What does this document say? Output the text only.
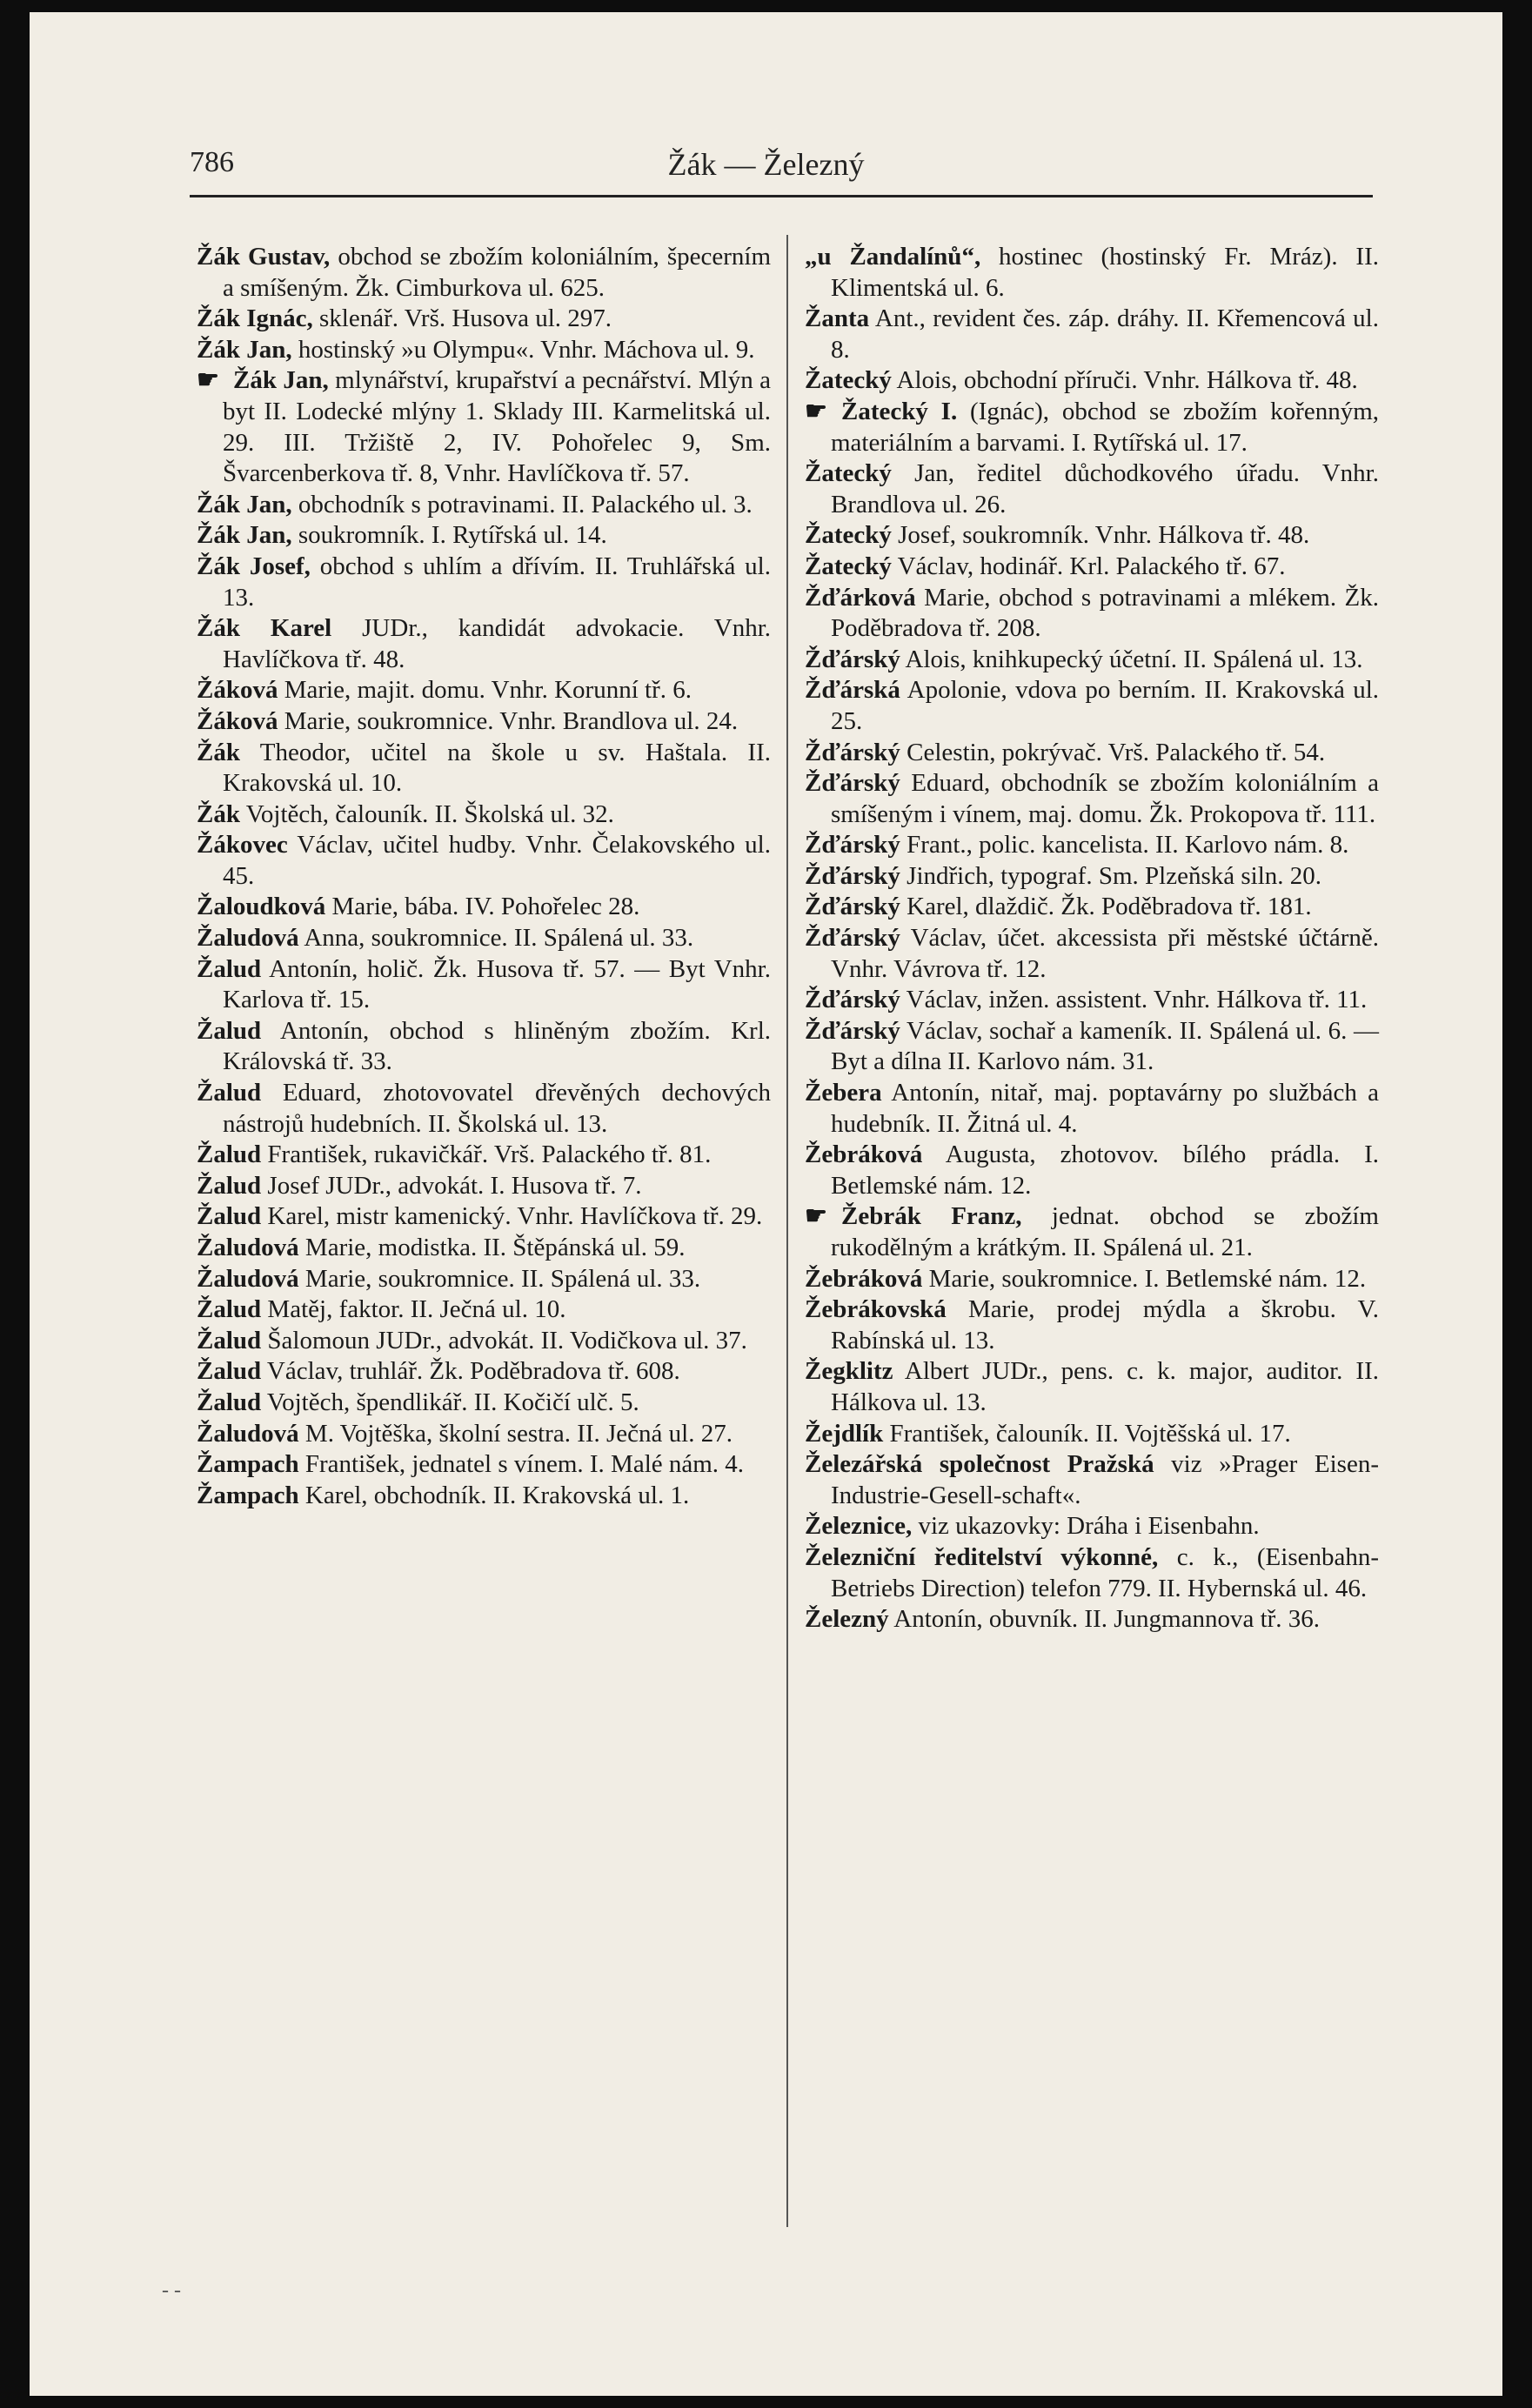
786	Žák — Železný

Žák Gustav, obchod se zbožím koloniálním, špecerním a smíšeným. Žk. Cimburkova ul. 625.

Žák Ignác, sklenář. Vrš. Husova ul. 297.

Žák Jan, hostinský »u Olympu«. Vnhr. Máchova ul. 9.

☛ Žák Jan, mlynářství, krupařství a pecnářství. Mlýn a byt II. Lodecké mlýny 1. Sklady III. Karmelitská ul. 29. III. Tržiště 2, IV. Pohořelec 9, Sm. Švarcenberkova tř. 8, Vnhr. Havlíčkova tř. 57.

Žák Jan, obchodník s potravinami. II. Palackého ul. 3.

Žák Jan, soukromník. I. Rytířská ul. 14.

Žák Josef, obchod s uhlím a dřívím. II. Truhlářská ul. 13.

Žák Karel JUDr., kandidát advokacie. Vnhr. Havlíčkova tř. 48.

Žáková Marie, majit. domu. Vnhr. Korunní tř. 6.

Žáková Marie, soukromnice. Vnhr. Brandlova ul. 24.

Žák Theodor, učitel na škole u sv. Haštala. II. Krakovská ul. 10.

Žák Vojtěch, čalouník. II. Školská ul. 32.

Žákovec Václav, učitel hudby. Vnhr. Čelakovského ul. 45.

Žaloudková Marie, bába. IV. Pohořelec 28.

Žaludová Anna, soukromnice. II. Spálená ul. 33.

Žalud Antonín, holič. Žk. Husova tř. 57. — Byt Vnhr. Karlova tř. 15.

Žalud Antonín, obchod s hliněným zbožím. Krl. Královská tř. 33.

Žalud Eduard, zhotovovatel dřevěných dechových nástrojů hudebních. II. Školská ul. 13.

Žalud František, rukavičkář. Vrš. Palackého tř. 81.

Žalud Josef JUDr., advokát. I. Husova tř. 7.

Žalud Karel, mistr kamenický. Vnhr. Havlíčkova tř. 29.

Žaludová Marie, modistka. II. Štěpánská ul. 59.

Žaludová Marie, soukromnice. II. Spálená ul. 33.

Žalud Matěj, faktor. II. Ječná ul. 10.

Žalud Šalomoun JUDr., advokát. II. Vodičkova ul. 37.

Žalud Václav, truhlář. Žk. Poděbradova tř. 608.

Žalud Vojtěch, špendlikář. II. Kočičí ulč. 5.

Žaludová M. Vojtěška, školní sestra. II. Ječná ul. 27.

Žampach František, jednatel s vínem. I. Malé nám. 4.

Žampach Karel, obchodník. II. Krakovská ul. 1.

„u Žandalínů“, hostinec (hostinský Fr. Mráz). II. Klimentská ul. 6.

Žanta Ant., revident čes. záp. dráhy. II. Křemencová ul. 8.

Žatecký Alois, obchodní příruči. Vnhr. Hálkova tř. 48.

☛ Žatecký I. (Ignác), obchod se zbožím kořenným, materiálním a barvami. I. Rytířská ul. 17.

Žatecký Jan, ředitel důchodkového úřadu. Vnhr. Brandlova ul. 26.

Žatecký Josef, soukromník. Vnhr. Hálkova tř. 48.

Žatecký Václav, hodinář. Krl. Palackého tř. 67.

Žďárková Marie, obchod s potravinami a mlékem. Žk. Poděbradova tř. 208.

Žďárský Alois, knihkupecký účetní. II. Spálená ul. 13.

Žďárská Apolonie, vdova po berním. II. Krakovská ul. 25.

Žďárský Celestin, pokrývač. Vrš. Palackého tř. 54.

Žďárský Eduard, obchodník se zbožím koloniálním a smíšeným i vínem, maj. domu. Žk. Prokopova tř. 111.

Žďárský Frant., polic. kancelista. II. Karlovo nám. 8.

Žďárský Jindřich, typograf. Sm. Plzeňská siln. 20.

Žďárský Karel, dlaždič. Žk. Poděbradova tř. 181.

Žďárský Václav, účet. akcessista při městské účtárně. Vnhr. Vávrova tř. 12.

Žďárský Václav, inžen. assistent. Vnhr. Hálkova tř. 11.

Žďárský Václav, sochař a kameník. II. Spálená ul. 6. — Byt a dílna II. Karlovo nám. 31.

Žebera Antonín, nitař, maj. poptavárny po službách a hudebník. II. Žitná ul. 4.

Žebráková Augusta, zhotovov. bílého prádla. I. Betlemské nám. 12.

☛ Žebrák Franz, jednat. obchod se zbožím rukodělným a krátkým. II. Spálená ul. 21.

Žebráková Marie, soukromnice. I. Betlemské nám. 12.

Žebrákovská Marie, prodej mýdla a škrobu. V. Rabínská ul. 13.

Žegklitz Albert JUDr., pens. c. k. major, auditor. II. Hálkova ul. 13.

Žejdlík František, čalouník. II. Vojtěšská ul. 17.

Železářská společnost Pražská viz »Prager Eisen-Industrie-Gesell-schaft«.

Železnice, viz ukazovky: Dráha i Eisenbahn.

Železniční ředitelství výkonné, c. k., (Eisenbahn-Betriebs Direction) telefon 779. II. Hybernská ul. 46.

Železný Antonín, obuvník. II. Jungmannova tř. 36.

- -
